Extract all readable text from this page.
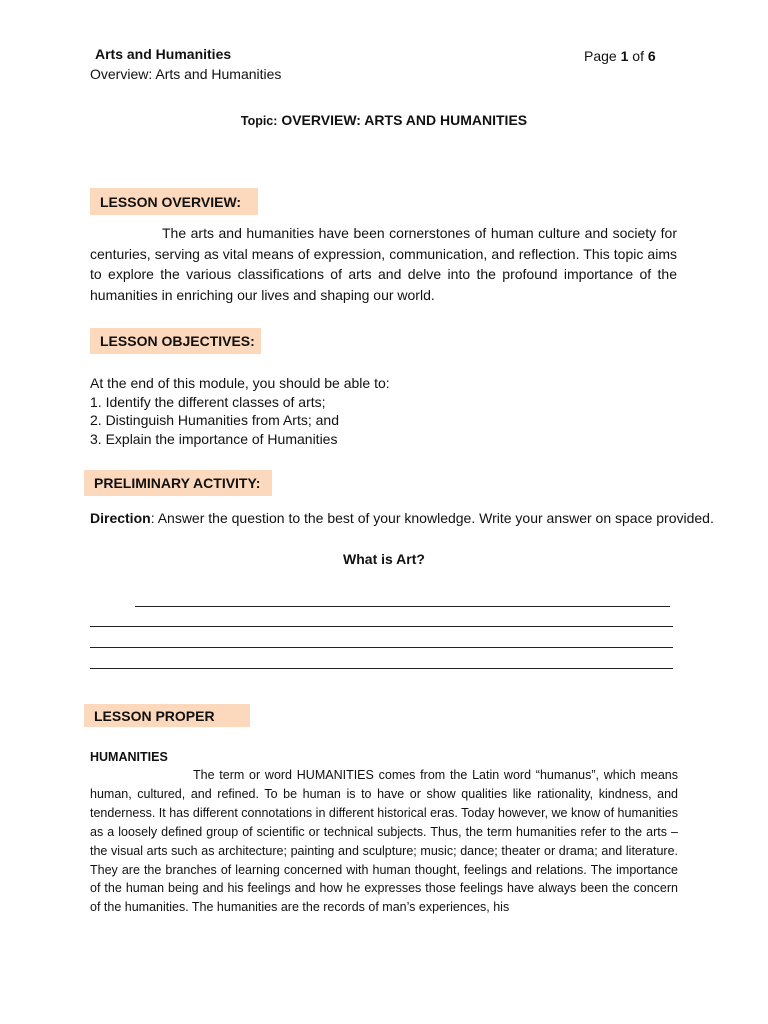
Arts and Humanities
Overview: Arts and Humanities
Page 1 of 6
Topic: OVERVIEW: ARTS AND HUMANITIES
LESSON OVERVIEW:
The arts and humanities have been cornerstones of human culture and society for centuries, serving as vital means of expression, communication, and reflection. This topic aims to explore the various classifications of arts and delve into the profound importance of the humanities in enriching our lives and shaping our world.
LESSON OBJECTIVES:
At the end of this module, you should be able to:
1. Identify the different classes of arts;
2. Distinguish Humanities from Arts; and
3. Explain the importance of Humanities
PRELIMINARY ACTIVITY:
Direction: Answer the question to the best of your knowledge. Write your answer on space provided.
What is Art?
LESSON PROPER
HUMANITIES
The term or word HUMANITIES comes from the Latin word “humanus”, which means human, cultured, and refined. To be human is to have or show qualities like rationality, kindness, and tenderness. It has different connotations in different historical eras. Today however, we know of humanities as a loosely defined group of scientific or technical subjects. Thus, the term humanities refer to the arts – the visual arts such as architecture; painting and sculpture; music; dance; theater or drama; and literature. They are the branches of learning concerned with human thought, feelings and relations. The importance of the human being and his feelings and how he expresses those feelings have always been the concern of the humanities. The humanities are the records of man’s experiences, his
